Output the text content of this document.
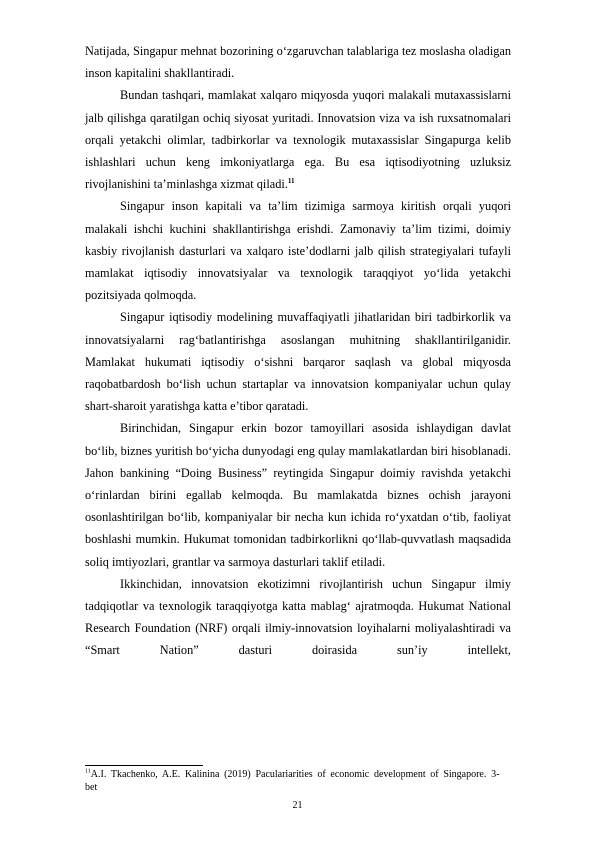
Natijada, Singapur mehnat bozorining o‘zgaruvchan talablariga tez moslasha oladigan inson kapitalini shakllantiradi.

Bundan tashqari, mamlakat xalqaro miqyosda yuqori malakali mutaxassislarni jalb qilishga qaratilgan ochiq siyosat yuritadi. Innovatsion viza va ish ruxsatnomalari orqali yetakchi olimlar, tadbirkorlar va texnologik mutaxassislar Singapurga kelib ishlashlari uchun keng imkoniyatlarga ega. Bu esa iqtisodiyotning uzluksiz rivojlanishini ta’minlashga xizmat qiladi.$^{11}$

Singapur inson kapitali va ta’lim tizimiga sarmoya kiritish orqali yuqori malakali ishchi kuchini shakllantirishga erishdi. Zamonaviy ta’lim tizimi, doimiy kasbiy rivojlanish dasturlari va xalqaro iste’dodlarni jalb qilish strategiyalari tufayli mamlakat iqtisodiy innovatsiyalar va texnologik taraqqiyot yo‘lida yetakchi pozitsiyada qolmoqda.

Singapur iqtisodiy modelining muvaffaqiyatli jihatlaridan biri tadbirkorlik va innovatsiyalarni rag‘batlantirishga asoslangan muhitning shakllantirilganidir. Mamlakat hukumati iqtisodiy o‘sishni barqaror saqlash va global miqyosda raqobatbardosh bo‘lish uchun startaplar va innovatsion kompaniyalar uchun qulay shart-sharoit yaratishga katta e’tibor qaratadi.

Birinchidan, Singapur erkin bozor tamoyillari asosida ishlaydigan davlat bo‘lib, biznes yuritish bo‘yicha dunyodagi eng qulay mamlakatlardan biri hisoblanadi. Jahon bankining “Doing Business” reytingida Singapur doimiy ravishda yetakchi o‘rinlardan birini egallab kelmoqda. Bu mamlakatda biznes ochish jarayoni osonlashtirilgan bo‘lib, kompaniyalar bir necha kun ichida ro‘yxatdan o‘tib, faoliyat boshlashi mumkin. Hukumat tomonidan tadbirkorlikni qo‘llab-quvvatlash maqsadida soliq imtiyozlari, grantlar va sarmoya dasturlari taklif etiladi.

Ikkinchidan, innovatsion ekotizimni rivojlantirish uchun Singapur ilmiy tadqiqotlar va texnologik taraqqiyotga katta mablag‘ ajratmoqda. Hukumat National Research Foundation (NRF) orqali ilmiy-innovatsion loyihalarni moliyalashtiradi va “Smart Nation” dasturi doirasida sun’iy intellekt,

$^{11}$A.I. Tkachenko, A.E. Kalinina (2019) Pacularіarities of economic development of Singapore. 3-bet
21
